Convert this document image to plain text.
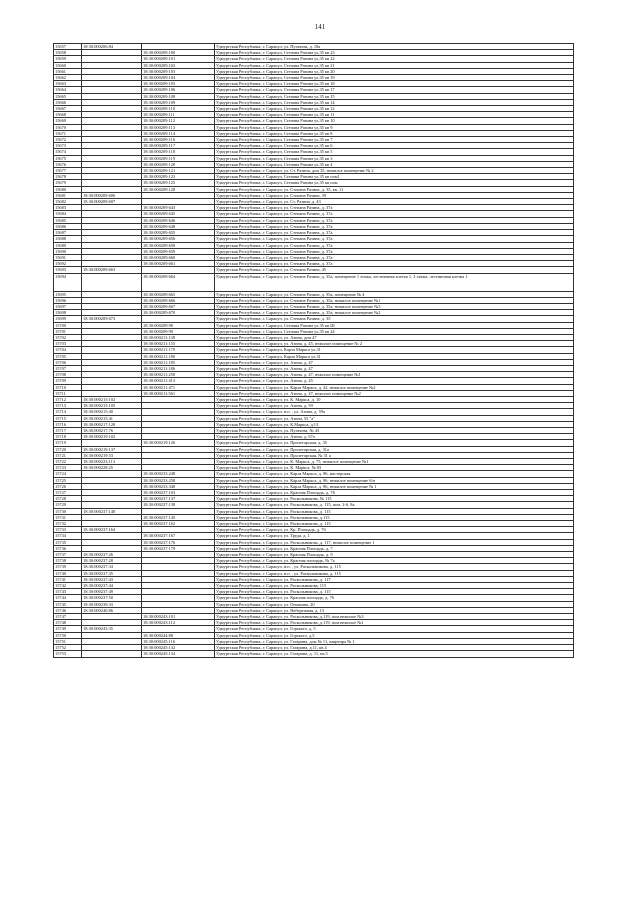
141
15657	18:30:000206:84		Удмуртская Республика, г. Сарапул, ул. Пугачева, д. 18а
15658		18:30:000209:100	Удмуртская Республика, г. Сарапул, Степана Разина ул,35 кв 23
15659		18:30:000209:101	Удмуртская Республика, г. Сарапул, Степана Разина ул,35 кв 22
15660		18:30:000209:102	Удмуртская Республика, г. Сарапул, Степана Разина ул,35 кв 21
15661		18:30:000209:103	Удмуртская Республика, г. Сарапул, Степана Разина ул,35 кв 20
15662		18:30:000209:104	Удмуртская Республика, г. Сарапул, Степана Разина ул,35 кв 19
15663		18:30:000209:105	Удмуртская Республика, г. Сарапул, Степана Разина ул,35 кв 18
15664		18:30:000209:106	Удмуртская Республика, г. Сарапул, Степана Разина ул,35 кв 17
15665		18:30:000209:108	Удмуртская Республика, г. Сарапул, Степана Разина ул,35 кв 15
15666		18:30:000209:109	Удмуртская Республика, г. Сарапул, Степана Разина ул,35 кв 14
15667		18:30:000209:110	Удмуртская Республика, г. Сарапул, Степана Разина ул,35 кв 12
15668		18:30:000209:111	Удмуртская Республика, г. Сарапул, Степана Разина ул,35 кв 11
15669		18:30:000209:112	Удмуртская Республика, г. Сарапул, Степана Разина ул,35 кв 10
15670		18:30:000209:113	Удмуртская Республика, г. Сарапул, Степана Разина ул,35 кв 9
15671		18:30:000209:114	Удмуртская Республика, г. Сарапул, Степана Разина ул,35 кв 8
15672		18:30:000209:116	Удмуртская Республика, г. Сарапул, Степана Разина ул,35 кв 7
15673		18:30:000209:117	Удмуртская Республика, г. Сарапул, Степана Разина ул,35 кв 6
15674		18:30:000209:118	Удмуртская Республика, г. Сарапул, Степана Разина ул,35 кв 5
15675		18:30:000209:119	Удмуртская Республика, г. Сарапул, Степана Разина ул,35 кв 3
15676		18:30:000209:120	Удмуртская Республика, г. Сарапул, Степана Разина ул,35 кв 4
15677		18:30:000209:121	Удмуртская Республика, г. Сарапул, ул. Ст. Разина, дом 35, нежилое помещение № 2
15678		18:30:000209:123	Удмуртская Республика, г. Сарапул, Степана Разина ул,35 кв пом1
15679		18:30:000209:125	Удмуртская Республика, г. Сарапул, Степана Разина ул,35 кв пом
15680		18:30:000209:128	Удмуртская Республика, г. Сарапул, ул. Степана Разина, д. 35, кв. 11
15681	18:30:000209:606		Удмуртская Республика, г. Сарапул, ул. Степана Разина, 39
15682	18:30:000209:607		Удмуртская Республика, г. Сарапул, ул. Ст. Разина, д. 43
15683		18:30:000209:643	Удмуртская Республика, г. Сарапул, ул. Степана Разина, д. 37а
15684		18:30:000209:645	Удмуртская Республика, г. Сарапул, ул. Степана Разина, д. 37а
15685		18:30:000209:646	Удмуртская Республика, г. Сарапул, ул. Степана Разина, д. 37а
15686		18:30:000209:648	Удмуртская Республика, г. Сарапул, ул. Степана Разина, д. 37а
15687		18:30:000209:655	Удмуртская Республика, г. Сарапул, ул. Степана Разина, д. 37а
15688		18:30:000209:656	Удмуртская Республика, г. Сарапул, ул. Степана Разина, д. 37а
15689		18:30:000209:658	Удмуртская Республика, г. Сарапул, ул. Степана Разина, д. 37а
15690		18:30:000209:659	Удмуртская Республика, г. Сарапул, ул. Степана Разина, д. 37а
15691		18:30:000209:660	Удмуртская Республика, г. Сарапул, ул. Степана Разина, д. 37а
15692		18:30:000209:661	Удмуртская Республика, г. Сарапул, ул. Степана Разина, д. 37а
15693	18:30:000209:663		Удмуртская Республика, г. Сарапул, ул. Степана Разина, 45
15694		18:30:000209:664	Удмуртская Республика, г. Сарапул, ул. Степана Разина, д. 35а, помещение 1 этажа, лестничная клетка 1, 2 этажа, лестничная клетка 1
15695		18:30:000209:665	Удмуртская Республика, г. Сарапул, ул. Степана Разина, д. 35а, помещение № 4
15696		18:30:000209:666	Удмуртская Республика, г. Сарапул, ул. Степана Разина, д. 35а, нежилое помещение №1
15697		18:30:000209:667	Удмуртская Республика, г. Сарапул, ул. Степана Разина, д. 35а, нежилое помещение №3
15698		18:30:000209:670	Удмуртская Республика, г. Сарапул, ул. Степана Разина, д. 35а, нежилое помещение №2
15699	18:30:000209:673		Удмуртская Республика, г. Сарапул, ул. Степана Разина, д. 35
15700		18:30:000209:98	Удмуртская Республика, г. Сарапул, Степана Разина ул,35 кв Ш
15701		18:30:000209:99	Удмуртская Республика, г. Сарапул, Степана Разина ул,35 кв 24
15702		18:30:000211:138	Удмуртская Республика, г. Сарапул, ул. Азина, дом 47
15703		18:30:000211:155	Удмуртская Республика, г. Сарапул, ул. Азина, д. 45, нежилое помещение № 2
15704		18:30:000211:179	Удмуртская Республика, г. Сарапул, Карла Маркса ул,31
15705		18:30:000211:180	Удмуртская Республика, г. Сарапул, Карла Маркса ул,31
15706		18:30:000211:185	Удмуртская Республика, г. Сарапул, ул. Азина, д. 47
15707		18:30:000211:186	Удмуртская Республика, г. Сарапул, ул. Азина, д. 47
15708		18:30:000211:258	Удмуртская Республика, г. Сарапул, ул. Азина, д. 47, нежилое помещение №1
15709		18:30:000211:413	Удмуртская Республика, г. Сарапул, ул. Азина, д. 45
15710		18:30:000211:471	Удмуртская Республика, г. Сарапул, ул. Карла Маркса, д. 42, нежилое помещение №2
15711		18:30:000211:561	Удмуртская Республика, г. Сарапул, ул. Азина, д. 47, нежилое помещение №2
15712	18:30:000215:102		Удмуртская Республика, г. Сарапул, ул. К. Маркса, д. 10
15713	18:30:000215:105		Удмуртская Республика, г. Сарапул, ул. Азина, д. 59
15714	18:30:000215:40		Удмуртская Республика, г. Сарапул, н.п. , ул. Азина, д. 59а
15715	18:30:000215:41		Удмуртская Республика, г. Сарапул, ул. Азина, 55 "а"
15716	18:30:000217:128		Удмуртская Республика, г. Сарапул, ул. К.Маркса, д.13
15717	18:30:000217:76		Удмуртская Республика, г. Сарапул, ул. Пугачева, № 43
15718	18:30:000219:102		Удмуртская Республика, г. Сарапул, ул. Азина, д. 67а
15719		18:30:000219:126	Удмуртская Республика, г. Сарапул, ул. Пролетарская, д. 35
15720	18:30:000219:137		Удмуртская Республика, г. Сарапул, ул. Пролетарская, д. 31а
15721	18:30:000219:53		Удмуртская Республика, г. Сарапул, ул. Пролетарская, № 31 а
15722	18:30:000223:113		Удмуртская Республика, г. Сарапул, ул. К. Маркса, д. 75, нежилое помещение №1
15723	18:30:000228:25		Удмуртская Республика, г. Сарапул, ул. К. Маркса, № 83
15724		18:30:000233:248	Удмуртская Республика, г. Сарапул, ул. Карла Маркса, д. 86, мастерская
15725		18:30:000233:258	Удмуртская Республика, г. Сарапул, ул. Карла Маркса, д. 86, нежилое помещение б/н
15726		18:30:000233:348	Удмуртская Республика, г. Сарапул, ул. Карла Маркса, д. 86, нежилое помещение № 1
15727		18:30:000237:103	Удмуртская Республика, г. Сарапул, ул. Красная Площадь, д. 76
15728		18:30:000237:137	Удмуртская Республика, г. Сарапул, ул. Раскольникова, № 115
15729		18:30:000237:138	Удмуртская Республика, г. Сарапул, ул. Раскольникова, д. 115, пом. 2-6, 8а
15730	18:30:000237:140		Удмуртская Республика, г. Сарапул, ул. Раскольникова, д. 115
15731		18:30:000237:145	Удмуртская Республика, г. Сарапул, ул. Раскольникова, д.115
15732		18:30:000237:162	Удмуртская Республика, г. Сарапул, ул. Раскольникова, д. 115
15733	18:30:000237:164		Удмуртская Республика, г. Сарапул, ул. Кр. Площадь, д. 76
15734		18:30:000237:167	Удмуртская Республика, г. Сарапул, ул. Труда, д. 1
15735		18:30:000237:176	Удмуртская Республика, г. Сарапул, ул. Раскольникова, д. 117, нежилое помещение 1
15736		18:30:000237:179	Удмуртская Республика, г. Сарапул, ул. Красная Площадь, д. 7
15737	18:30:000237:26		Удмуртская Республика, г. Сарапул, ул. Красная Площадь, д. 9
15738	18:30:000237:28		Удмуртская Республика, г. Сарапул, ул. Красная площадь, № 7а
15739	18:30:000237:34		Удмуртская Республика, г. Сарапул, н.п. , ул. Раскольникова, д. 115
15740	18:30:000237:35		Удмуртская Республика, г. Сарапул, н.п. , ул. Раскольникова, д. 115
15741	18:30:000237:43		Удмуртская Республика, г. Сарапул, ул. Раскольникова, д. 117
15742	18:30:000237:44		Удмуртская Республика, г. Сарапул, ул. Раскольникова, 115
15743	18:30:000237:49		Удмуртская Республика, г. Сарапул, ул. Раскольникова, д. 115
15744	18:30:000237:50		Удмуртская Республика, г. Сарапул, ул. Красная площадь, д. 76
15745	18:30:000239:33		Удмуртская Республика, г. Сарапул, ул. Оношина, 20
15746	18:30:000240:86		Удмуртская Республика, г. Сарапул, ул. Набережная, д. 13
15747		18:30:000243:101	Удмуртская Республика, г. Сарапул, ул. Раскольникова, д.119, пом.нежилое №3
15748		18:30:000243:112	Удмуртская Республика, г. Сарапул, ул. Раскольникова, д.119, пом.нежилое №1
15749	18:30:000243:35		Удмуртская Республика, г. Сарапул, ул. Горького, д. 5
15750		18:30:000244:88	Удмуртская Республика, г. Сарапул, ул. Горького, д.5
15751		18:30:000245:116	Удмуртская Республика, г. Сарапул, ул. Гагарина, дом № 11, квартира № 1
15752		18:30:000245:132	Удмуртская Республика, г. Сарапул, ул. Гагарина, д.11, кв.4
15753		18:30:000245:134	Удмуртская Республика, г. Сарапул, ул. Гагарина, д. 11, кв.5
